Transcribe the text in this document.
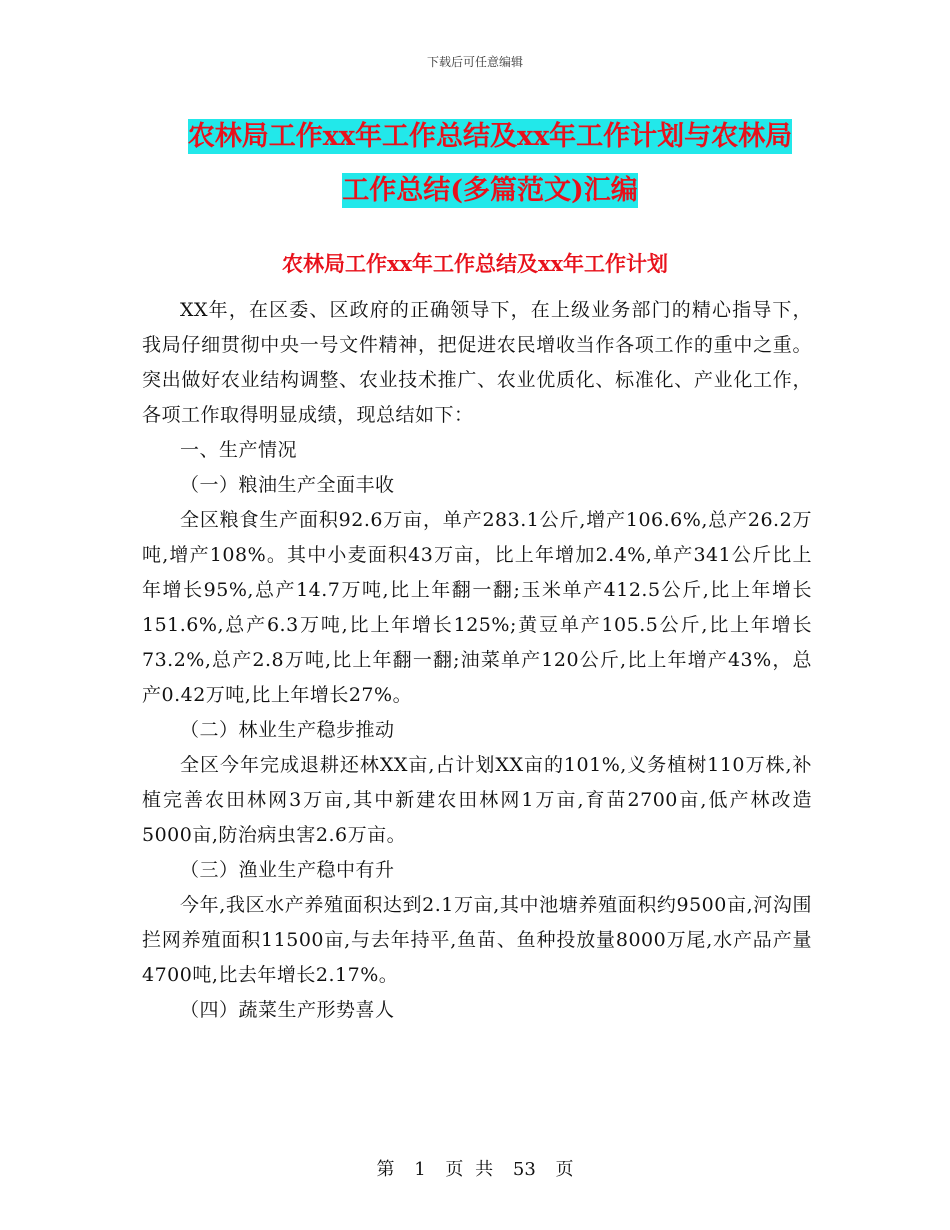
下载后可任意编辑
农林局工作xx年工作总结及xx年工作计划与农林局
工作总结(多篇范文)汇编
农林局工作xx年工作总结及xx年工作计划

XX年，在区委、区政府的正确领导下，在上级业务部门的精心指导下，我局仔细贯彻中央一号文件精神，把促进农民增收当作各项工作的重中之重。突出做好农业结构调整、农业技术推广、农业优质化、标准化、产业化工作，各项工作取得明显成绩，现总结如下：

一、生产情况

（一）粮油生产全面丰收

全区粮食生产面积92.6万亩，单产283.1公斤,增产106.6%,总产26.2万吨,增产108%。其中小麦面积43万亩，比上年增加2.4%,单产341公斤比上年增长95%,总产14.7万吨,比上年翻一翻;玉米单产412.5公斤,比上年增长151.6%,总产6.3万吨,比上年增长125%;黄豆单产105.5公斤,比上年增长73.2%,总产2.8万吨,比上年翻一翻;油菜单产120公斤,比上年增产43%，总产0.42万吨,比上年增长27%。

（二）林业生产稳步推动

全区今年完成退耕还林XX亩,占计划XX亩的101%,义务植树110万株,补植完善农田林网3万亩,其中新建农田林网1万亩,育苗2700亩,低产林改造5000亩,防治病虫害2.6万亩。

（三）渔业生产稳中有升

今年,我区水产养殖面积达到2.1万亩,其中池塘养殖面积约9500亩,河沟围拦网养殖面积11500亩,与去年持平,鱼苗、鱼种投放量8000万尾,水产品产量4700吨,比去年增长2.17%。

（四）蔬菜生产形势喜人

第 1 页 共 53 页
